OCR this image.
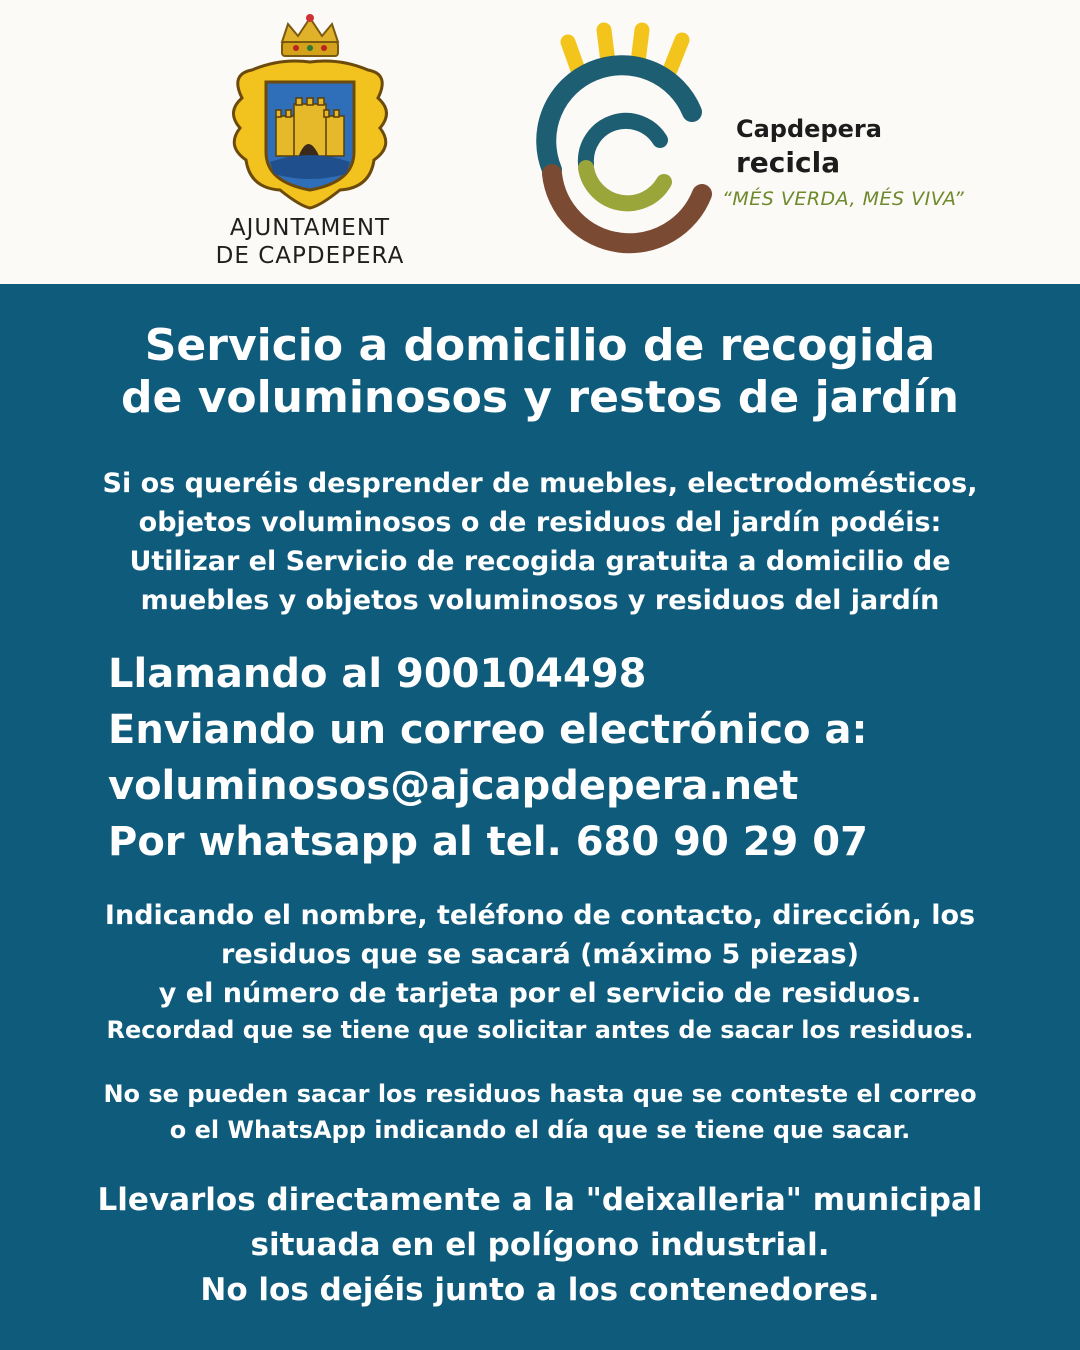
AJUNTAMENT
DE CAPDEPERA
Capdepera
recicla
“MÉS VERDA, MÉS VIVA”
Servicio a domicilio de recogida
de voluminosos y restos de jardín
Si os queréis desprender de muebles, electrodomésticos,
objetos voluminosos o de residuos del jardín podéis:
Utilizar el Servicio de recogida gratuita a domicilio de
muebles y objetos voluminosos y residuos del jardín
Llamando al 900104498
Enviando un correo electrónico a:
voluminosos@ajcapdepera.net
Por whatsapp al tel. 680 90 29 07
Indicando el nombre, teléfono de contacto, dirección, los
residuos que se sacará (máximo 5 piezas)
y el número de tarjeta por el servicio de residuos.
Recordad que se tiene que solicitar antes de sacar los residuos.
No se pueden sacar los residuos hasta que se conteste el correo
o el WhatsApp indicando el día que se tiene que sacar.
Llevarlos directamente a la "deixalleria" municipal
situada en el polígono industrial.
No los dejéis junto a los contenedores.
